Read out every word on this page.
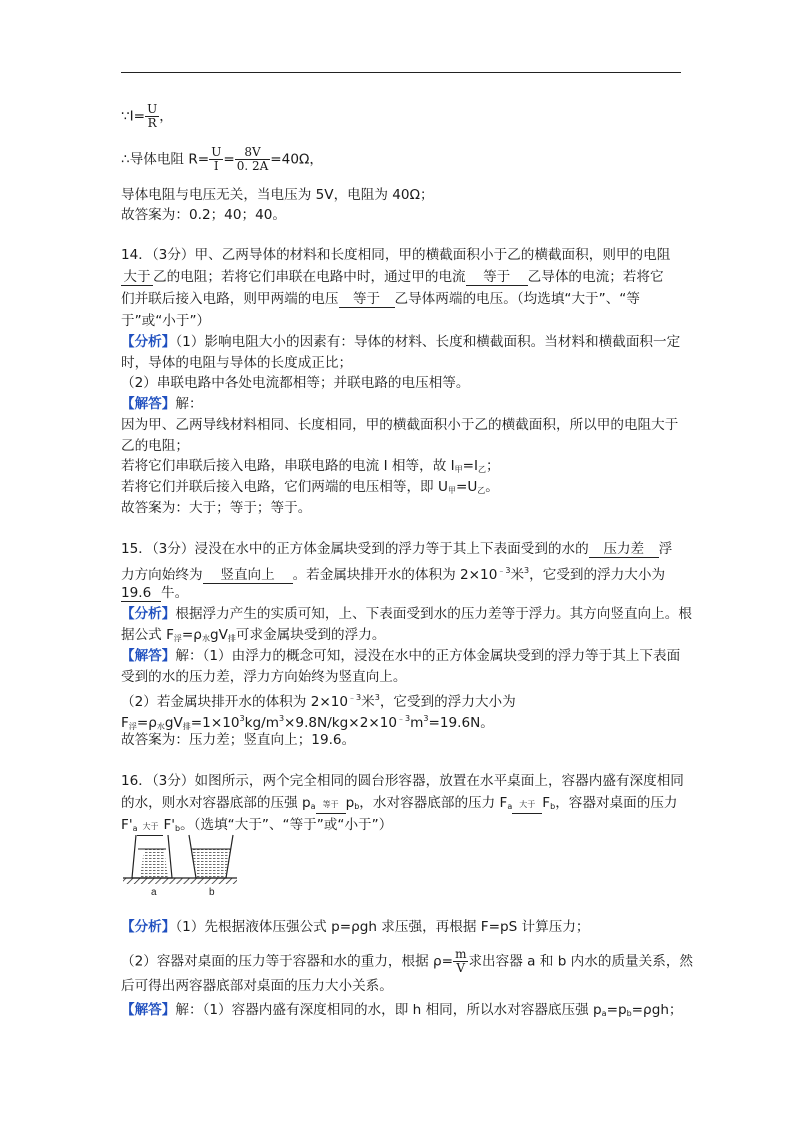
∵I= $\frac{U}{R}$ ，
∴导体电阻 $R= \frac{U}{I} = \frac{8V}{0. 2A} =40\Omega$，
导体电阻与电压无关，当电压为 5V，电阻为 40Ω；
故答案为：0.2；40；40。
14．（3分）甲、乙两导体的材料和长度相同，甲的横截面积小于乙的横截面积，则甲的电阻
大于 乙的电阻；若将它们串联在电路中时，通过甲的电流 等于 乙导体的电流；若将它
们并联后接入电路，则甲两端的电压 等于 乙导体两端的电压。（均选填“大于”、“等
于”或“小于”）
【分析】（1）影响电阻大小的因素有：导体的材料、长度和横截面积。当材料和横截面积一定
时，导体的电阻与导体的长度成正比；
（2）串联电路中各处电流都相等；并联电路的电压相等。
【解答】解：
因为甲、乙两导线材料相同、长度相同，甲的横截面积小于乙的横截面积，所以甲的电阻大于
乙的电阻；
若将它们串联后接入电路，串联电路的电流 I 相等，故 $I_甲=I_乙$；
若将它们并联后接入电路，它们两端的电压相等，即 $U_甲=U_乙$。
故答案为：大于；等于；等于。
15．（3分）浸没在水中的正方体金属块受到的浮力等于其上下表面受到的水的 压力差 浮
力方向始终为 竖直向上 。若金属块排开水的体积为 $2\times 10^{﹣3}$米$^3$，它受到的浮力大小为
19.6 牛。
【分析】根据浮力产生的实质可知，上、下表面受到水的压力差等于浮力。其方向竖直向上。根
据公式 $F_浮=\rho_水gV_排$可求金属块受到的浮力。
【解答】解：（1）由浮力的概念可知，浸没在水中的正方体金属块受到的浮力等于其上下表面
受到的水的压力差，浮力方向始终为竖直向上。
（2）若金属块排开水的体积为 $2\times 10^{﹣3}$米$^3$，它受到的浮力大小为
$F_浮=\rho_水gV_排=1\times 10^3kg/m^3\times 9.8N/kg\times 2\times 10^{﹣3}m^3=19.6N$。
故答案为：压力差；竖直向上；19.6。
16．（3分）如图所示，两个完全相同的圆台形容器，放置在水平桌面上，容器内盛有深度相同
的水，则水对容器底部的压强 $p_a$ 等于 $p_b$，水对容器底部的压力 $F_a$ 大于 $F_b$，容器对桌面的压力
$F'_a$ 大于 $F'_b$。（选填“大于”、“等于”或“小于”）
a	b
【分析】（1）先根据液体压强公式 p=ρgh 求压强，再根据 F=pS 计算压力；
（2）容器对桌面的压力等于容器和水的重力，根据 $\rho= \frac{m}{V}$ 求出容器 a 和 b 内水的质量关系，然
后可得出两容器底部对桌面的压力大小关系。
【解答】解：（1）容器内盛有深度相同的水，即 h 相同，所以水对容器底压强 $p_a=p_b=\rho gh$；
